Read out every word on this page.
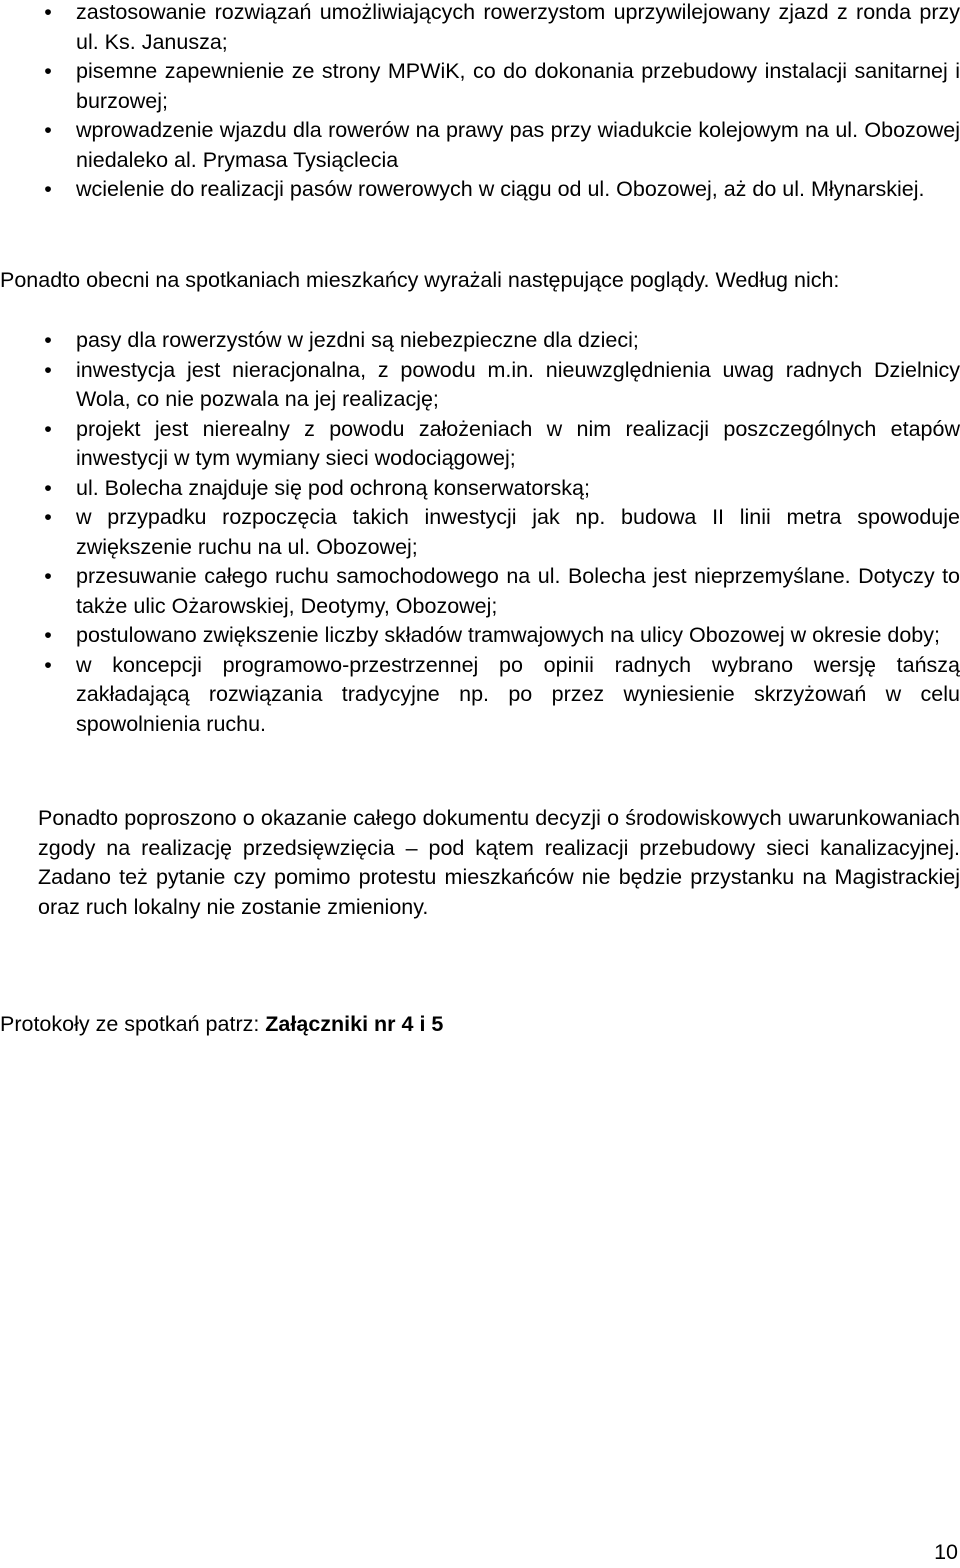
• zastosowanie rozwiązań umożliwiających rowerzystom uprzywilejowany zjazd z ronda przy ul. Ks. Janusza;
• pisemne zapewnienie ze strony MPWiK, co do dokonania przebudowy instalacji sanitarnej i burzowej;
• wprowadzenie wjazdu dla rowerów na prawy pas przy wiadukcie kolejowym na ul. Obozowej niedaleko al. Prymasa Tysiąclecia
• wcielenie do realizacji pasów rowerowych w ciągu od ul. Obozowej, aż do ul. Młynarskiej.

Ponadto obecni na spotkaniach mieszkańcy wyrażali następujące poglądy. Według nich:

• pasy dla rowerzystów w jezdni są niebezpieczne dla dzieci;
• inwestycja jest nieracjonalna, z powodu m.in. nieuwzględnienia uwag radnych Dzielnicy Wola, co nie pozwala na jej realizację;
• projekt jest nierealny z powodu założeniach w nim realizacji poszczególnych etapów inwestycji w tym wymiany sieci wodociągowej;
• ul. Bolecha znajduje się pod ochroną konserwatorską;
• w przypadku rozpoczęcia takich inwestycji jak np. budowa II linii metra spowoduje zwiększenie ruchu na ul. Obozowej;
• przesuwanie całego ruchu samochodowego na ul. Bolecha jest nieprzemyślane. Dotyczy to także ulic Ożarowskiej, Deotymy, Obozowej;
• postulowano zwiększenie liczby składów tramwajowych na ulicy Obozowej w okresie doby;
• w koncepcji programowo-przestrzennej po opinii radnych wybrano wersję tańszą zakładającą rozwiązania tradycyjne np. po przez wyniesienie skrzyżowań w celu spowolnienia ruchu.

Ponadto poproszono o okazanie całego dokumentu decyzji o środowiskowych uwarunkowaniach zgody na realizację przedsięwzięcia – pod kątem realizacji przebudowy sieci kanalizacyjnej. Zadano też pytanie czy pomimo protestu mieszkańców nie będzie przystanku na Magistrackiej oraz ruch lokalny nie zostanie zmieniony.

Protokoły ze spotkań patrz: Załączniki nr 4 i 5

10
